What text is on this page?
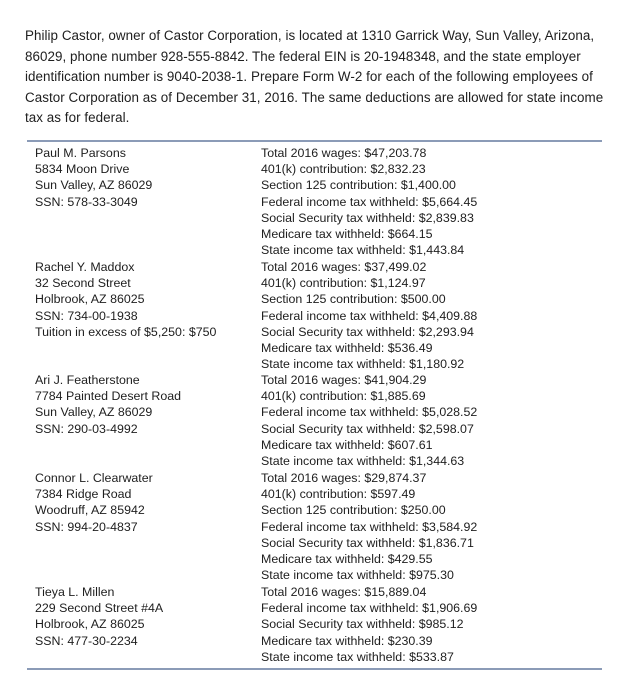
Philip Castor, owner of Castor Corporation, is located at 1310 Garrick Way, Sun Valley, Arizona, 86029, phone number 928-555-8842. The federal EIN is 20-1948348, and the state employer identification number is 9040-2038-1. Prepare Form W-2 for each of the following employees of Castor Corporation as of December 31, 2016. The same deductions are allowed for state income tax as for federal.

Paul M. Parsons
5834 Moon Drive
Sun Valley, AZ 86029
SSN: 578-33-3049
Total 2016 wages: $47,203.78
401(k) contribution: $2,832.23
Section 125 contribution: $1,400.00
Federal income tax withheld: $5,664.45
Social Security tax withheld: $2,839.83
Medicare tax withheld: $664.15
State income tax withheld: $1,443.84
Rachel Y. Maddox
32 Second Street
Holbrook, AZ 86025
SSN: 734-00-1938
Tuition in excess of $5,250: $750
Total 2016 wages: $37,499.02
401(k) contribution: $1,124.97
Section 125 contribution: $500.00
Federal income tax withheld: $4,409.88
Social Security tax withheld: $2,293.94
Medicare tax withheld: $536.49
State income tax withheld: $1,180.92
Ari J. Featherstone
7784 Painted Desert Road
Sun Valley, AZ 86029
SSN: 290-03-4992
Total 2016 wages: $41,904.29
401(k) contribution: $1,885.69
Federal income tax withheld: $5,028.52
Social Security tax withheld: $2,598.07
Medicare tax withheld: $607.61
State income tax withheld: $1,344.63
Connor L. Clearwater
7384 Ridge Road
Woodruff, AZ 85942
SSN: 994-20-4837
Total 2016 wages: $29,874.37
401(k) contribution: $597.49
Section 125 contribution: $250.00
Federal income tax withheld: $3,584.92
Social Security tax withheld: $1,836.71
Medicare tax withheld: $429.55
State income tax withheld: $975.30
Tieya L. Millen
229 Second Street #4A
Holbrook, AZ 86025
SSN: 477-30-2234
Total 2016 wages: $15,889.04
Federal income tax withheld: $1,906.69
Social Security tax withheld: $985.12
Medicare tax withheld: $230.39
State income tax withheld: $533.87
